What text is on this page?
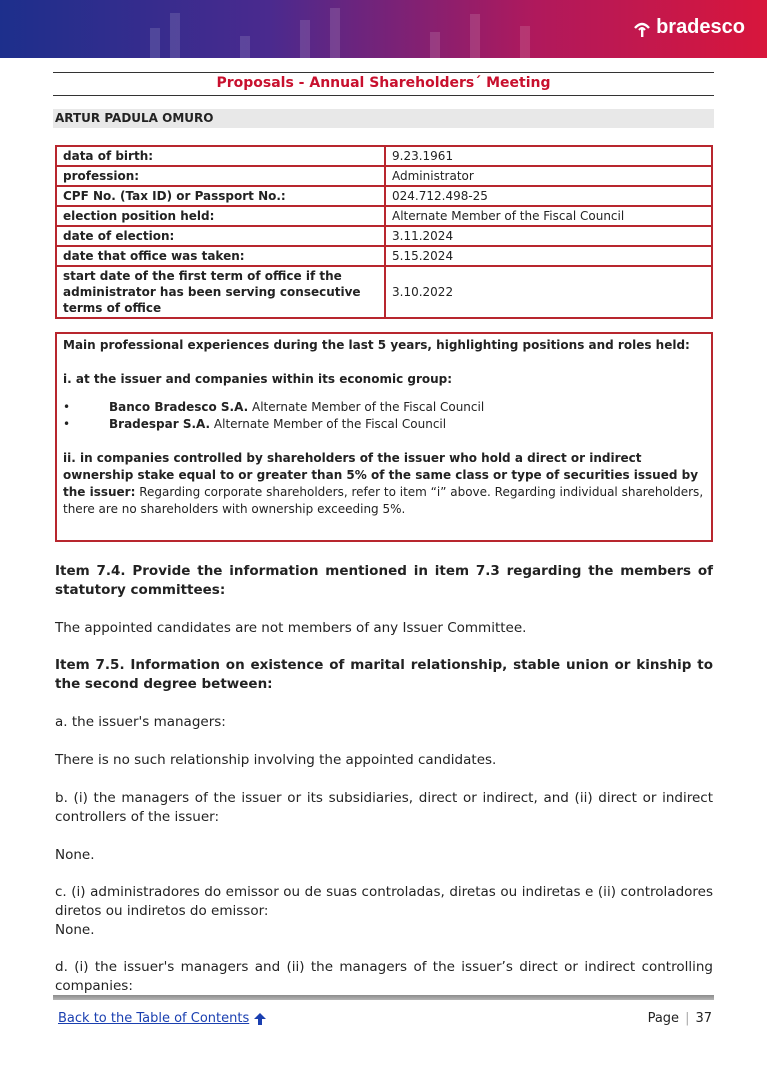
bradesco
Proposals - Annual Shareholders´ Meeting
ARTUR PADULA OMURO
data of birth:	9.23.1961
profession:	Administrator
CPF No. (Tax ID) or Passport No.:	024.712.498-25
election position held:	Alternate Member of the Fiscal Council
date of election:	3.11.2024
date that office was taken:	5.15.2024
start date of the first term of office if the administrator has been serving consecutive terms of office	3.10.2022

Main professional experiences during the last 5 years, highlighting positions and roles held:

i. at the issuer and companies within its economic group:

•	Banco Bradesco S.A. Alternate Member of the Fiscal Council
•	Bradespar S.A. Alternate Member of the Fiscal Council

ii. in companies controlled by shareholders of the issuer who hold a direct or indirect ownership stake equal to or greater than 5% of the same class or type of securities issued by the issuer: Regarding corporate shareholders, refer to item “i” above. Regarding individual shareholders, there are no shareholders with ownership exceeding 5%.

Item 7.4. Provide the information mentioned in item 7.3 regarding the members of statutory committees:
The appointed candidates are not members of any Issuer Committee.
Item 7.5. Information on existence of marital relationship, stable union or kinship to the second degree between:
a. the issuer's managers:
There is no such relationship involving the appointed candidates.
b. (i) the managers of the issuer or its subsidiaries, direct or indirect, and (ii) direct or indirect controllers of the issuer:
None.
c. (i) administradores do emissor ou de suas controladas, diretas ou indiretas e (ii) controladores diretos ou indiretos do emissor:
None.
d. (i) the issuer's managers and (ii) the managers of the issuer’s direct or indirect controlling companies:
Back to the Table of Contents	Page | 37
